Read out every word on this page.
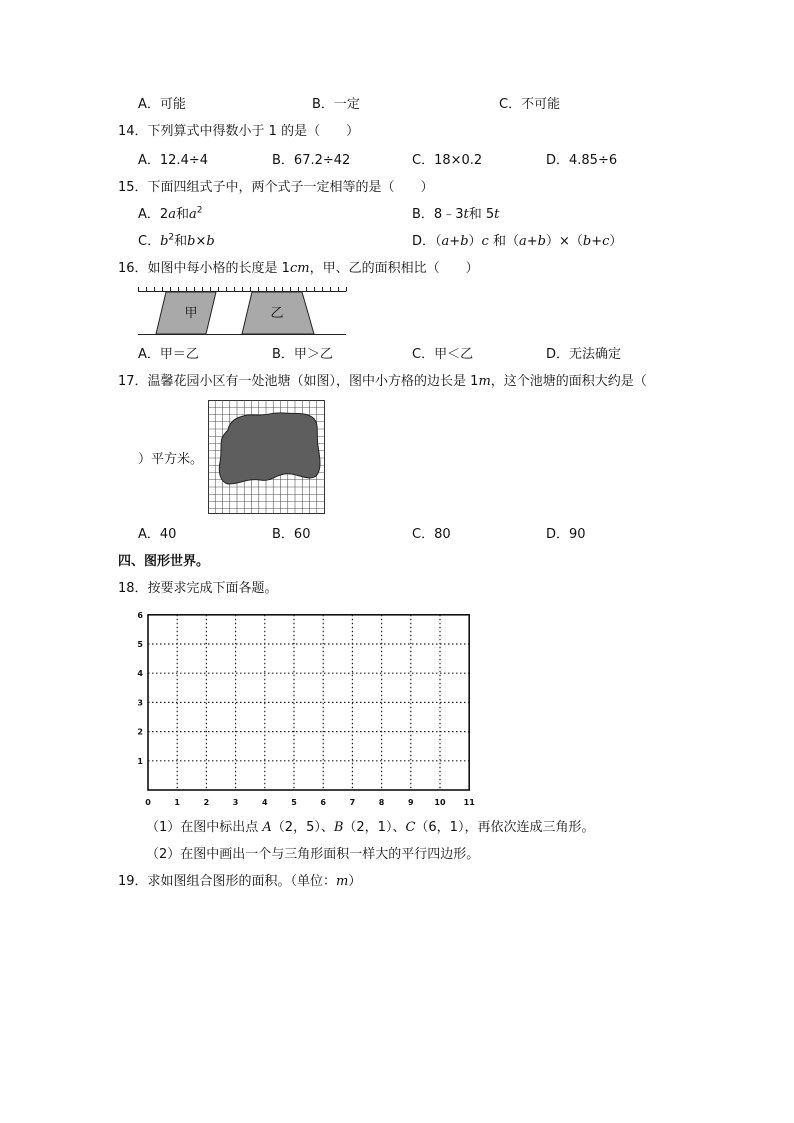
A．可能	B．一定	C．不可能
14．下列算式中得数小于 1 的是（　　）
A．12.4÷4	B．67.2÷42	C．18×0.2	D．4.85÷6
15．下面四组式子中，两个式子一定相等的是（　　）
A．2a和$a^2$	B．8﹣3t和 5t
C．$b^2$和b×b	D．（a+b）c 和（a+b）×（b+c）
16．如图中每小格的长度是 1cm，甲、乙的面积相比（　　）
甲	乙
A．甲＝乙	B．甲＞乙	C．甲＜乙	D．无法确定
17．温馨花园小区有一处池塘（如图），图中小方格的边长是 1m，这个池塘的面积大约是（
）平方米。
A．40	B．60	C．80	D．90
四、图形世界。
18．按要求完成下面各题。
0	1	2	3	4	5	6	7	8	9	10 11
1
2
3
4
5
6
（1）在图中标出点 A（2，5）、B（2，1）、C（6，1），再依次连成三角形。
（2）在图中画出一个与三角形面积一样大的平行四边形。
19．求如图组合图形的面积。（单位：m）
